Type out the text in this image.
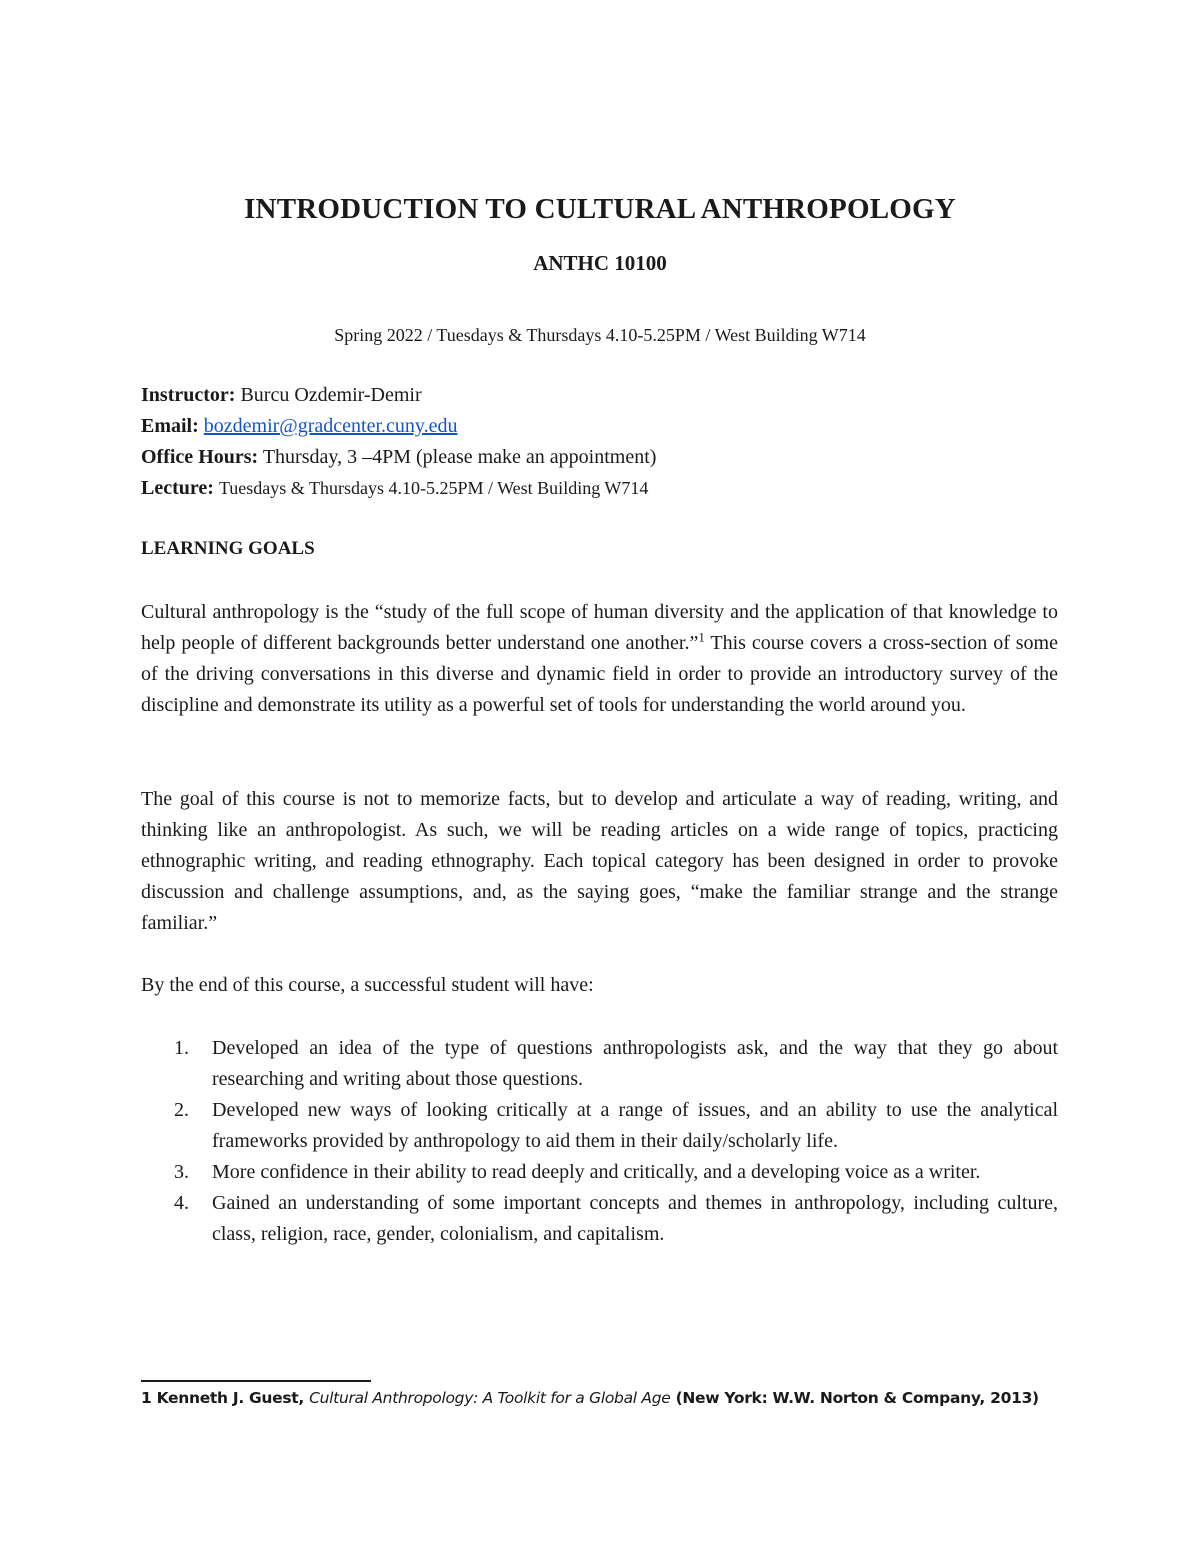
INTRODUCTION TO CULTURAL ANTHROPOLOGY
ANTHC 10100
Spring 2022 / Tuesdays & Thursdays 4.10-5.25PM / West Building W714
Instructor: Burcu Ozdemir-Demir
Email: bozdemir@gradcenter.cuny.edu
Office Hours: Thursday, 3 –4PM (please make an appointment)
Lecture: Tuesdays & Thursdays 4.10-5.25PM / West Building W714
LEARNING GOALS

Cultural anthropology is the “study of the full scope of human diversity and the application of that knowledge to help people of different backgrounds better understand one another.”$^1$ This course covers a cross-section of some of the driving conversations in this diverse and dynamic field in order to provide an introductory survey of the discipline and demonstrate its utility as a powerful set of tools for understanding the world around you.

The goal of this course is not to memorize facts, but to develop and articulate a way of reading, writing, and thinking like an anthropologist. As such, we will be reading articles on a wide range of topics, practicing ethnographic writing, and reading ethnography. Each topical category has been designed in order to provoke discussion and challenge assumptions, and, as the saying goes, “make the familiar strange and the strange familiar.”

By the end of this course, a successful student will have:

1. Developed an idea of the type of questions anthropologists ask, and the way that they go about researching and writing about those questions.
2. Developed new ways of looking critically at a range of issues, and an ability to use the analytical frameworks provided by anthropology to aid them in their daily/scholarly life.
3. More confidence in their ability to read deeply and critically, and a developing voice as a writer.
4. Gained an understanding of some important concepts and themes in anthropology, including culture, class, religion, race, gender, colonialism, and capitalism.

1 Kenneth J. Guest, Cultural Anthropology: A Toolkit for a Global Age (New York: W.W. Norton & Company, 2013)
